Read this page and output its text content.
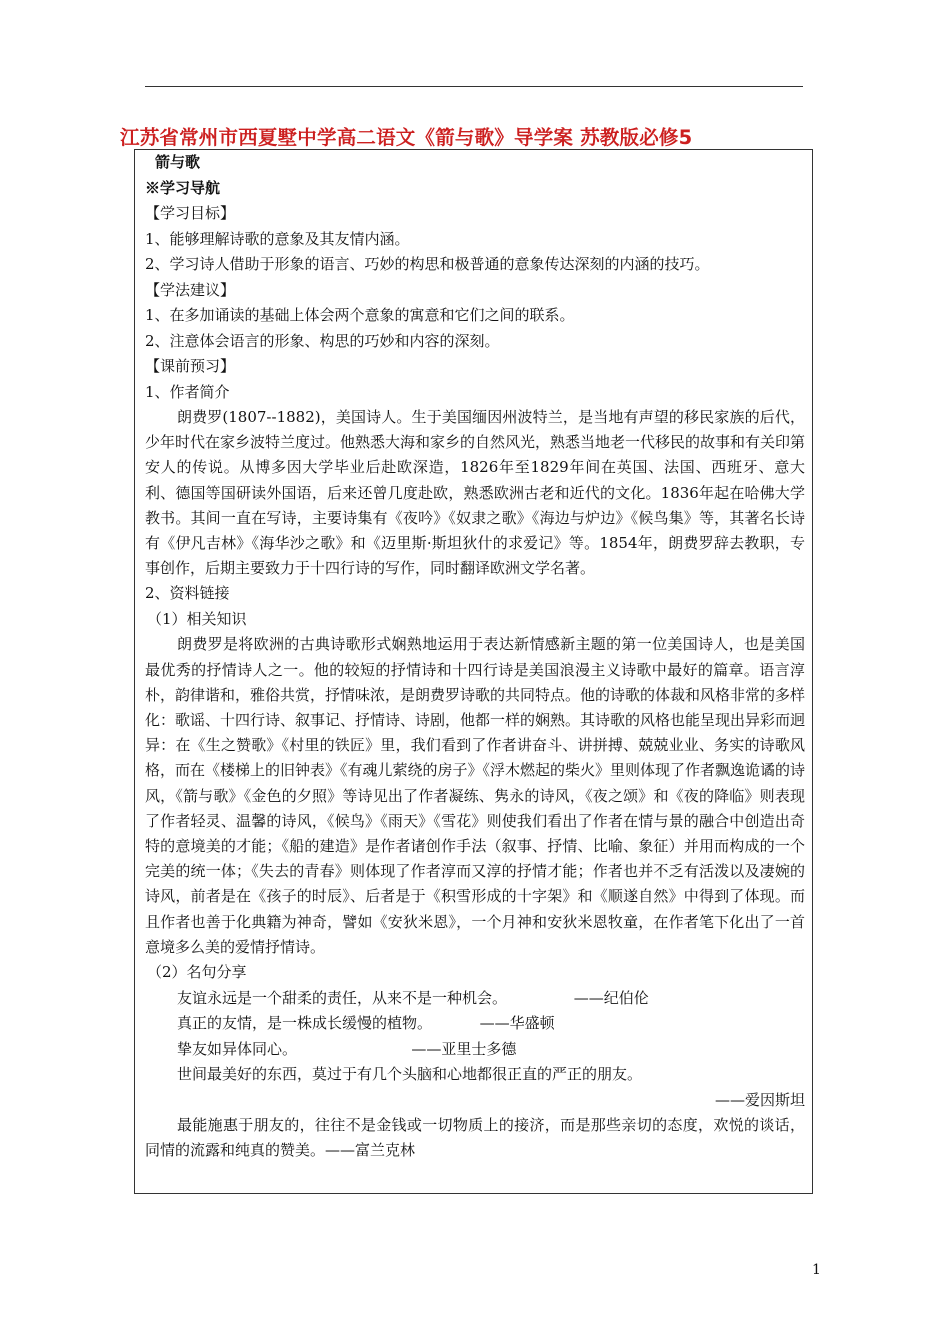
江苏省常州市西夏墅中学高二语文《箭与歌》导学案 苏教版必修5

箭与歌

※学习导航

【学习目标】

1、能够理解诗歌的意象及其友情内涵。

2、学习诗人借助于形象的语言、巧妙的构思和极普通的意象传达深刻的内涵的技巧。

【学法建议】

1、在多加诵读的基础上体会两个意象的寓意和它们之间的联系。

2、注意体会语言的形象、构思的巧妙和内容的深刻。

【课前预习】

1、作者简介

朗费罗(1807--1882)，美国诗人。生于美国缅因州波特兰，是当地有声望的移民家族的后代，少年时代在家乡波特兰度过。他熟悉大海和家乡的自然风光，熟悉当地老一代移民的故事和有关印第安人的传说。从博多因大学毕业后赴欧深造，1826年至1829年间在英国、法国、西班牙、意大利、德国等国研读外国语，后来还曾几度赴欧，熟悉欧洲古老和近代的文化。1836年起在哈佛大学教书。其间一直在写诗，主要诗集有《夜吟》《奴隶之歌》《海边与炉边》《候鸟集》等，其著名长诗有《伊凡吉林》《海华沙之歌》和《迈里斯·斯坦狄什的求爱记》等。1854年，朗费罗辞去教职，专事创作，后期主要致力于十四行诗的写作，同时翻译欧洲文学名著。

2、资料链接

（1）相关知识

朗费罗是将欧洲的古典诗歌形式娴熟地运用于表达新情感新主题的第一位美国诗人，也是美国最优秀的抒情诗人之一。他的较短的抒情诗和十四行诗是美国浪漫主义诗歌中最好的篇章。语言淳朴，韵律谐和，雅俗共赏，抒情味浓，是朗费罗诗歌的共同特点。他的诗歌的体裁和风格非常的多样化：歌谣、十四行诗、叙事记、抒情诗、诗剧，他都一样的娴熟。其诗歌的风格也能呈现出异彩而迥异：在《生之赞歌》《村里的铁匠》里，我们看到了作者讲奋斗、讲拼搏、兢兢业业、务实的诗歌风格，而在《楼梯上的旧钟表》《有魂儿萦绕的房子》《浮木燃起的柴火》里则体现了作者飘逸诡谲的诗风，《箭与歌》《金色的夕照》等诗见出了作者凝练、隽永的诗风，《夜之颂》和《夜的降临》则表现了作者轻灵、温馨的诗风，《候鸟》《雨天》《雪花》则使我们看出了作者在情与景的融合中创造出奇特的意境美的才能；《船的建造》是作者诸创作手法（叙事、抒情、比喻、象征）并用而构成的一个完美的统一体；《失去的青春》则体现了作者淳而又淳的抒情才能；作者也并不乏有活泼以及凄婉的诗风，前者是在《孩子的时辰》、后者是于《积雪形成的十字架》和《顺遂自然》中得到了体现。而且作者也善于化典籍为神奇，譬如《安狄米恩》，一个月神和安狄米恩牧童，在作者笔下化出了一首意境多么美的爱情抒情诗。

（2）名句分享

友谊永远是一个甜柔的责任，从来不是一种机会。              ——纪伯伦

真正的友情，是一株成长缓慢的植物。          ——华盛顿

挚友如异体同心。                        ——亚里士多德

世间最美好的东西，莫过于有几个头脑和心地都很正直的严正的朋友。

——爱因斯坦

最能施惠于朋友的，往往不是金钱或一切物质上的接济，而是那些亲切的态度，欢悦的谈话，同情的流露和纯真的赞美。——富兰克林

1
